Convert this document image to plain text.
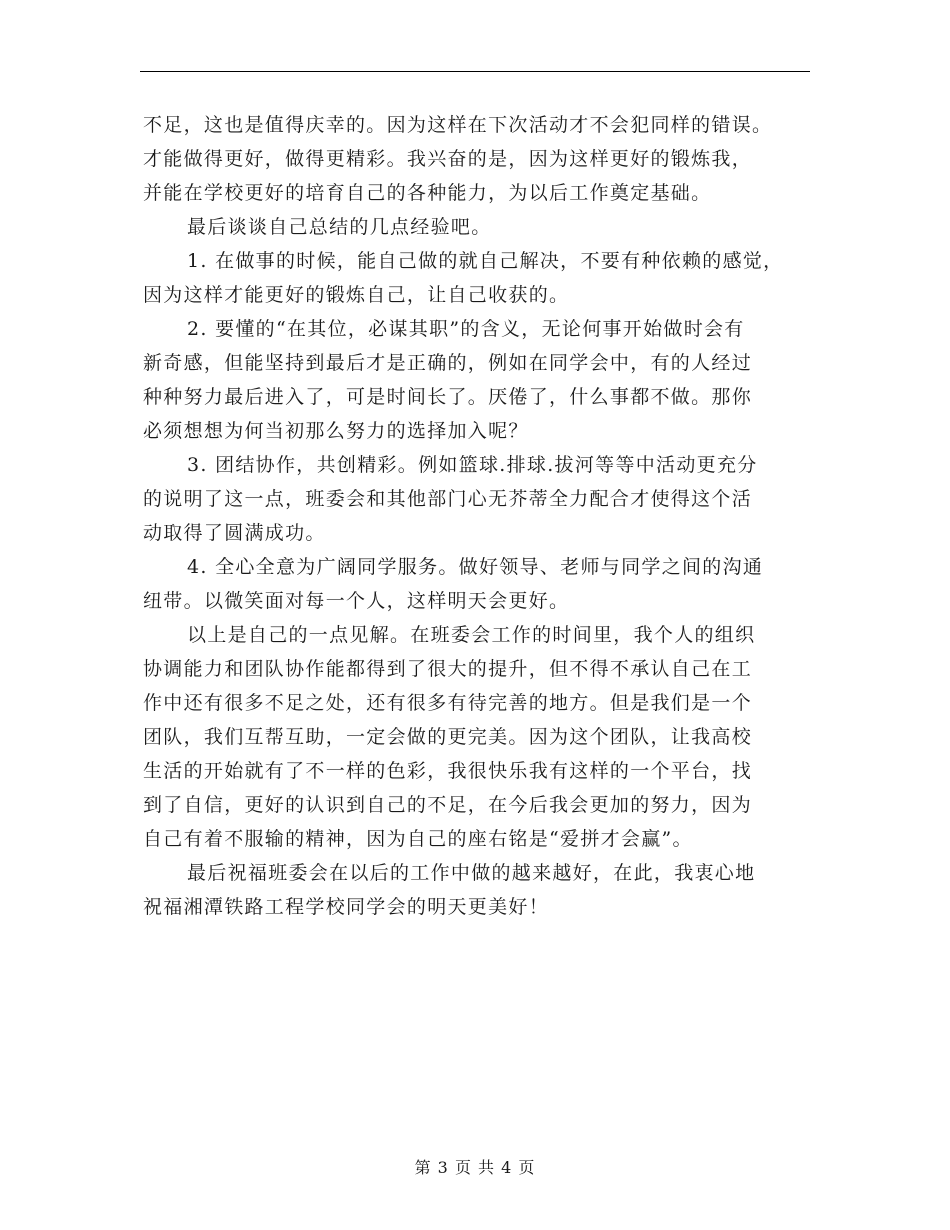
不足，这也是值得庆幸的。因为这样在下次活动才不会犯同样的错误。
才能做得更好，做得更精彩。我兴奋的是，因为这样更好的锻炼我，
并能在学校更好的培育自己的各种能力，为以后工作奠定基础。
最后谈谈自己总结的几点经验吧。
1. 在做事的时候，能自己做的就自己解决，不要有种依赖的感觉，
因为这样才能更好的锻炼自己，让自己收获的。
2. 要懂的“在其位，必谋其职”的含义，无论何事开始做时会有
新奇感，但能坚持到最后才是正确的，例如在同学会中，有的人经过
种种努力最后进入了，可是时间长了。厌倦了，什么事都不做。那你
必须想想为何当初那么努力的选择加入呢？
3. 团结协作，共创精彩。例如篮球.排球.拔河等等中活动更充分
的说明了这一点，班委会和其他部门心无芥蒂全力配合才使得这个活
动取得了圆满成功。
4. 全心全意为广阔同学服务。做好领导、老师与同学之间的沟通
纽带。以微笑面对每一个人，这样明天会更好。
以上是自己的一点见解。在班委会工作的时间里，我个人的组织
协调能力和团队协作能都得到了很大的提升，但不得不承认自己在工
作中还有很多不足之处，还有很多有待完善的地方。但是我们是一个
团队，我们互帮互助，一定会做的更完美。因为这个团队，让我高校
生活的开始就有了不一样的色彩，我很快乐我有这样的一个平台，找
到了自信，更好的认识到自己的不足，在今后我会更加的努力，因为
自己有着不服输的精神，因为自己的座右铭是“爱拼才会赢”。
最后祝福班委会在以后的工作中做的越来越好，在此，我衷心地
祝福湘潭铁路工程学校同学会的明天更美好！
第 3 页 共 4 页
